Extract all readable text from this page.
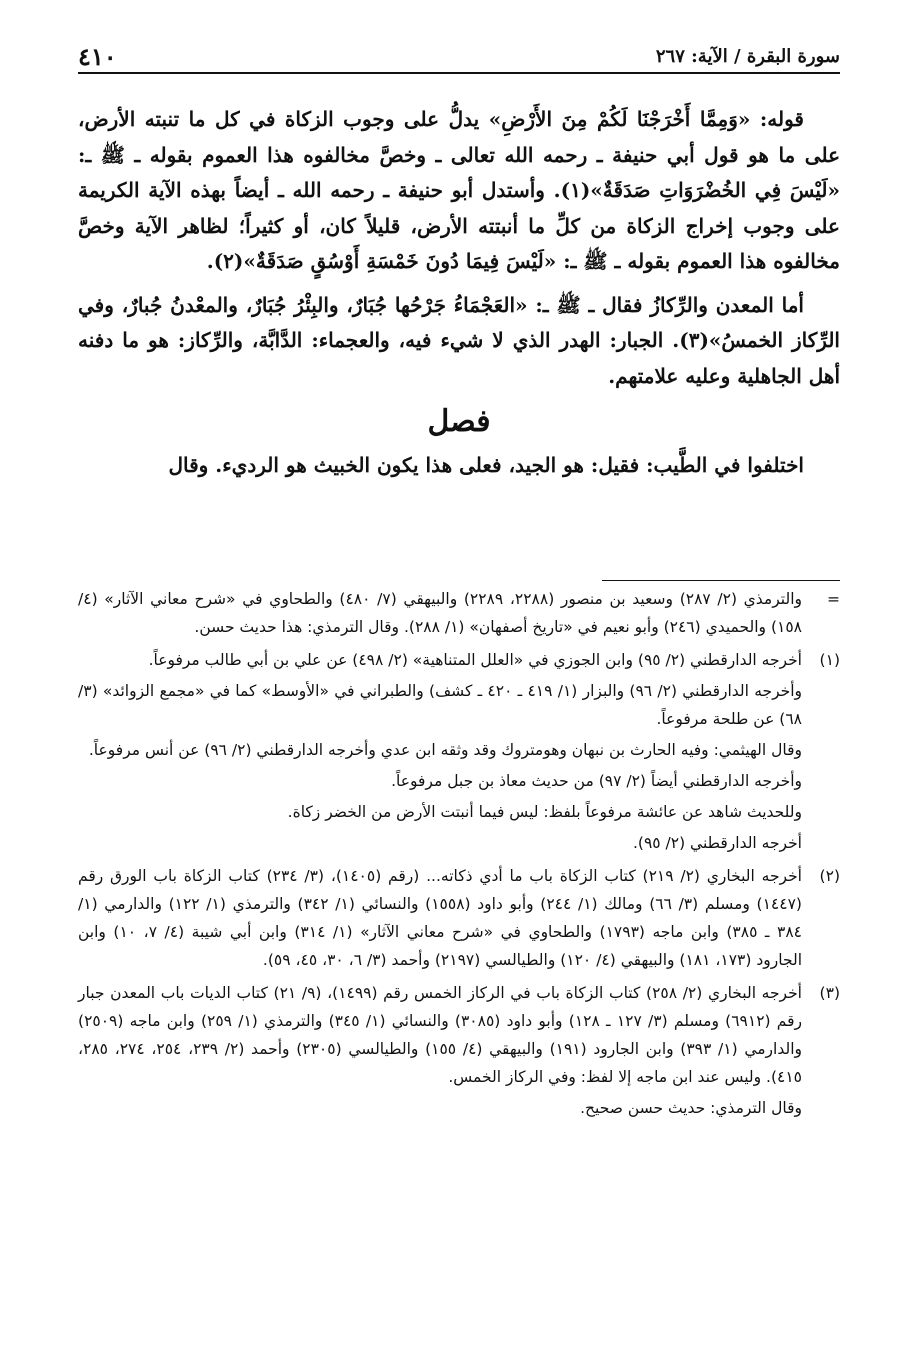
سورة البقرة / الآية: ٢٦٧
٤١٠

قوله: «وَمِمَّا أَخْرَجْنَا لَكُمْ مِنَ الأَرْضِ» يدلُّ على وجوب الزكاة في كل ما تنبته الأرض، على ما هو قول أبي حنيفة ـ رحمه الله تعالى ـ وخصَّ مخالفوه هذا العموم بقوله ـ ﷺ ـ: «لَيْسَ فِي الخُضْرَوَاتِ صَدَقَةٌ»(١). وأستدل أبو حنيفة ـ رحمه الله ـ أيضاً بهذه الآية الكريمة على وجوب إخراج الزكاة من كلِّ ما أنبتته الأرض، قليلاً كان، أو كثيراً؛ لظاهر الآية وخصَّ مخالفوه هذا العموم بقوله ـ ﷺ ـ: «لَيْسَ فِيمَا دُونَ خَمْسَةِ أَوْسُقٍ صَدَقَةٌ»(٢).

أما المعدن والرِّكازُ فقال ـ ﷺ ـ: «العَجْمَاءُ جَرْحُها جُبَارٌ، والبِئْرُ جُبَارٌ، والمعْدنُ جُبارٌ، وفي الرِّكاز الخمسُ»(٣). الجبار: الهدر الذي لا شيء فيه، والعجماء: الدَّابَّة، والرِّكاز: هو ما دفنه أهل الجاهلية وعليه علامتهم.

فصل

اختلفوا في الطَّيب: فقيل: هو الجيد، فعلى هذا يكون الخبيث هو الرديء. وقال

=

والترمذي (٢/ ٢٨٧) وسعيد بن منصور (٢٢٨٨، ٢٢٨٩) والبيهقي (٧/ ٤٨٠) والطحاوي في «شرح معاني الآثار» (٤/ ١٥٨) والحميدي (٢٤٦) وأبو نعيم في «تاريخ أصفهان» (١/ ٢٨٨). وقال الترمذي: هذا حديث حسن.

(١)

أخرجه الدارقطني (٢/ ٩٥) وابن الجوزي في «العلل المتناهية» (٢/ ٤٩٨) عن علي بن أبي طالب مرفوعاً.

وأخرجه الدارقطني (٢/ ٩٦) والبزار (١/ ٤١٩ ـ ٤٢٠ ـ كشف) والطبراني في «الأوسط» كما في «مجمع الزوائد» (٣/ ٦٨) عن طلحة مرفوعاً.

وقال الهيثمي: وفيه الحارث بن نبهان وهومتروك وقد وثقه ابن عدي وأخرجه الدارقطني (٢/ ٩٦) عن أنس مرفوعاً.

وأخرجه الدارقطني أيضاً (٢/ ٩٧) من حديث معاذ بن جبل مرفوعاً.

وللحديث شاهد عن عائشة مرفوعاً بلفظ: ليس فيما أنبتت الأرض من الخضر زكاة.

أخرجه الدارقطني (٢/ ٩٥).

(٢)

أخرجه البخاري (٢/ ٢١٩) كتاب الزكاة باب ما أدي ذكاته... (رقم (١٤٠٥)، (٣/ ٢٣٤) كتاب الزكاة باب الورق رقم (١٤٤٧) ومسلم (٣/ ٦٦) ومالك (١/ ٢٤٤) وأبو داود (١٥٥٨) والنسائي (١/ ٣٤٢) والترمذي (١/ ١٢٢) والدارمي (١/ ٣٨٤ ـ ٣٨٥) وابن ماجه (١٧٩٣) والطحاوي في «شرح معاني الآثار» (١/ ٣١٤) وابن أبي شيبة (٤/ ٧، ١٠) وابن الجارود (١٧٣، ١٨١) والبيهقي (٤/ ١٢٠) والطيالسي (٢١٩٧) وأحمد (٣/ ٦، ٣٠، ٤٥، ٥٩).

(٣)

أخرجه البخاري (٢/ ٢٥٨) كتاب الزكاة باب في الركاز الخمس رقم (١٤٩٩)، (٩/ ٢١) كتاب الديات باب المعدن جبار رقم (٦٩١٢) ومسلم (٣/ ١٢٧ ـ ١٢٨) وأبو داود (٣٠٨٥) والنسائي (١/ ٣٤٥) والترمذي (١/ ٢٥٩) وابن ماجه (٢٥٠٩) والدارمي (١/ ٣٩٣) وابن الجارود (١٩١) والبيهقي (٤/ ١٥٥) والطيالسي (٢٣٠٥) وأحمد (٢/ ٢٣٩، ٢٥٤، ٢٧٤، ٢٨٥، ٤١٥). وليس عند ابن ماجه إلا لفظ: وفي الركاز الخمس.

وقال الترمذي: حديث حسن صحيح.
